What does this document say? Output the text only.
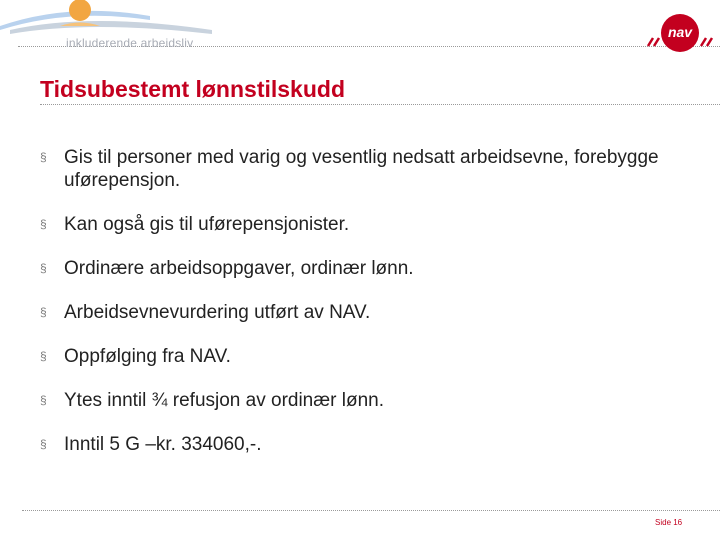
inkluderende arbeidsliv
nav
Tidsubestemt lønnstilskudd
§ Gis til personer med varig og vesentlig nedsatt arbeidsevne, forebygge uførepensjon.
§ Kan også gis til uførepensjonister.
§ Ordinære arbeidsoppgaver, ordinær lønn.
§ Arbeidsevnevurdering utført av NAV.
§ Oppfølging fra NAV.
§ Ytes inntil ¾ refusjon av ordinær lønn.
§ Inntil 5 G –kr. 334060,-.
Side 16
